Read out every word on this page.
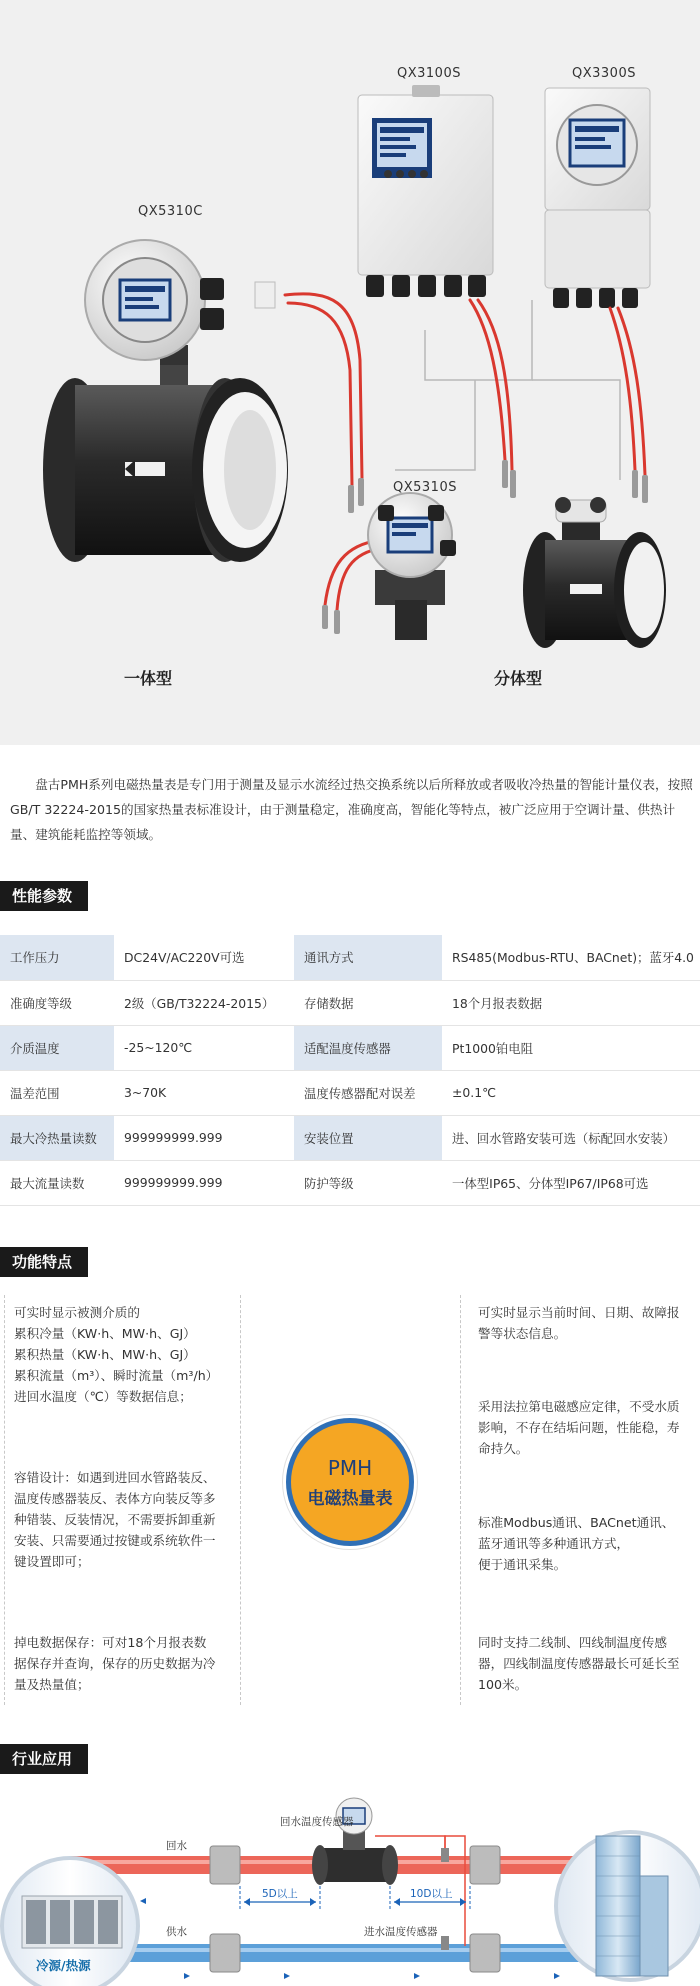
QX3100S	QX3300S
QX5310C
QX5310S
一体型	分体型

盘古PMH系列电磁热量表是专门用于测量及显示水流经过热交换系统以后所释放或者吸收冷热量的智能计量仪表，按照GB/T 32224-2015的国家热量表标准设计，由于测量稳定，准确度高，智能化等特点，被广泛应用于空调计量、供热计量、建筑能耗监控等领域。

性能参数
工作压力	DC24V/AC220V可选	通讯方式	RS485(Modbus-RTU、BACnet)；蓝牙4.0
准确度等级	2级（GB/T32224-2015）	存储数据	18个月报表数据
介质温度	-25~120℃	适配温度传感器	Pt1000铂电阻
温差范围	3~70K	温度传感器配对误差	±0.1℃
最大冷热量读数	999999999.999	安装位置	进、回水管路安装可选（标配回水安装）
最大流量读数	999999999.999	防护等级	一体型IP65、分体型IP67/IP68可选
功能特点
可实时显示被测介质的
累积冷量（KW·h、MW·h、GJ）
累积热量（KW·h、MW·h、GJ）
累积流量（m³）、瞬时流量（m³/h）
进回水温度（℃）等数据信息；
容错设计：如遇到进回水管路装反、
温度传感器装反、表体方向装反等多
种错装、反装情况，不需要拆卸重新
安装、只需要通过按键或系统软件一
键设置即可；
掉电数据保存：可对18个月报表数
据保存并查询，保存的历史数据为冷
量及热量值；
可实时显示当前时间、日期、故障报
警等状态信息。
采用法拉第电磁感应定律，不受水质
影响，不存在结垢问题，性能稳，寿
命持久。
标准Modbus通讯、BACnet通讯、
蓝牙通讯等多种通讯方式，
便于通讯采集。
同时支持二线制、四线制温度传感
器，四线制温度传感器最长可延长至
100米。
PMH
电磁热量表
行业应用
回水温度传感器
进水温度传感器
回水
供水
5D以上	10D以上
冷源/热源
